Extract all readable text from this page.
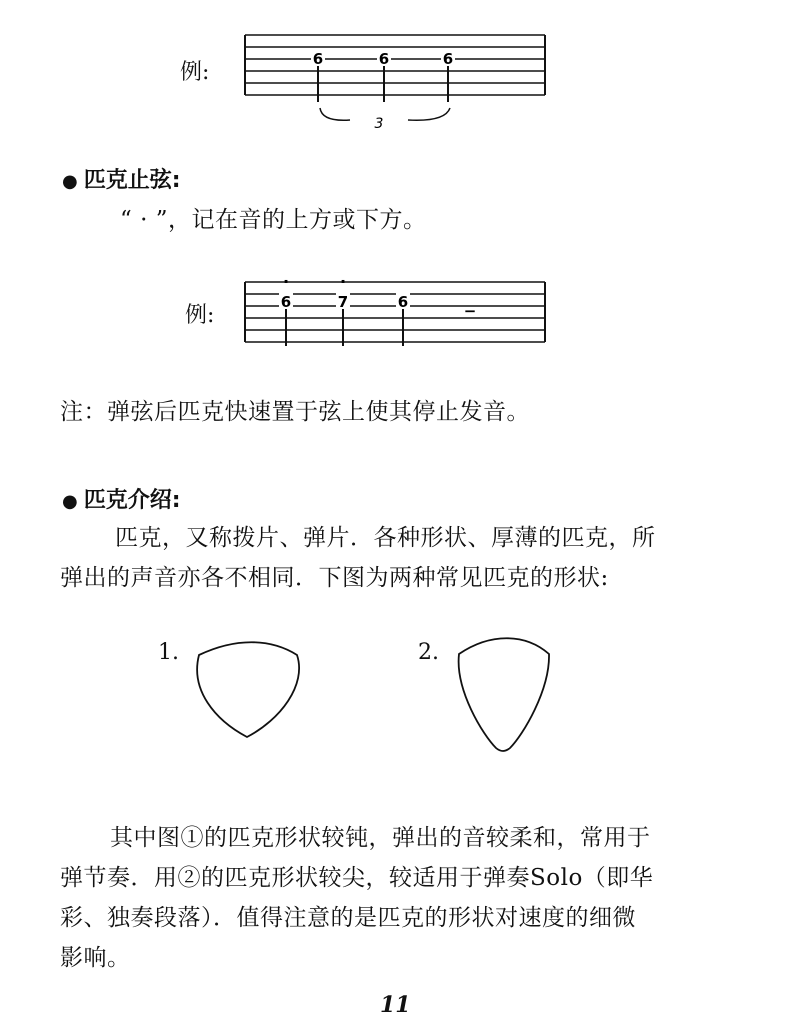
例:
6	6	6
3
● 匹克止弦:
“ · ”，记在音的上方或下方。
例:
·	·
6	7	6	−
注：弹弦后匹克快速置于弦上使其停止发音。
● 匹克介绍:
匹克，又称拨片、弹片．各种形状、厚薄的匹克，所
弹出的声音亦各不相同．下图为两种常见匹克的形状:
1.	2.
其中图①的匹克形状较钝，弹出的音较柔和，常用于
弹节奏．用②的匹克形状较尖，较适用于弹奏Solo（即华
彩、独奏段落）．值得注意的是匹克的形状对速度的细微
影响。
11
